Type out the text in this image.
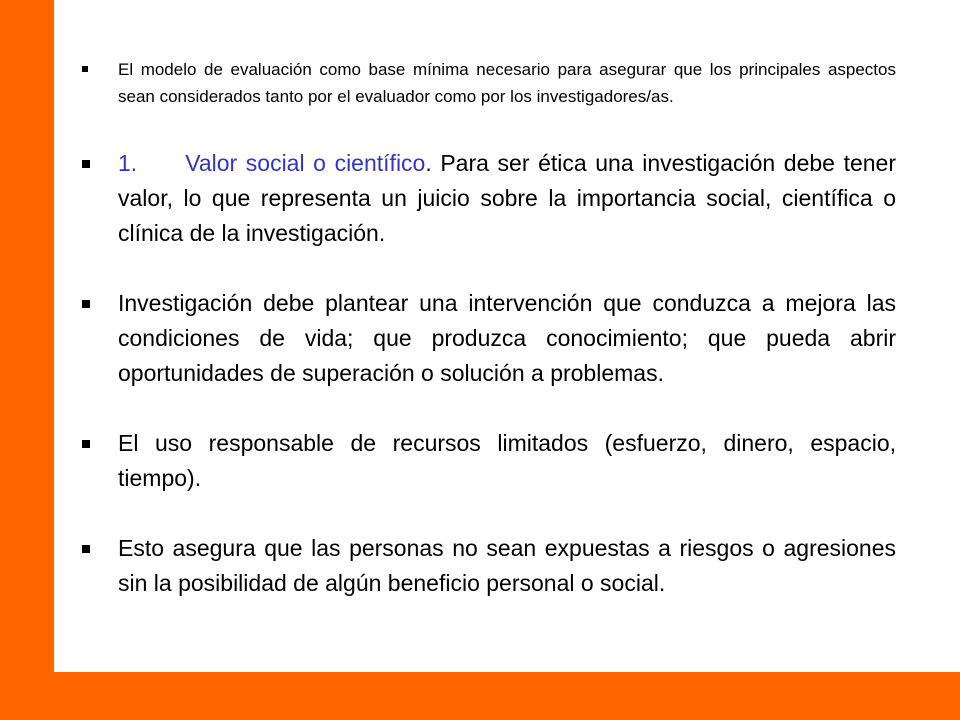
El modelo de evaluación como base mínima necesario para asegurar que los principales aspectos sean considerados tanto por el evaluador como por los investigadores/as.
1. Valor social o científico. Para ser ética una investigación debe tener valor, lo que representa un juicio sobre la importancia social, científica o clínica de la investigación.
Investigación debe plantear una intervención que conduzca a mejora las condiciones de vida; que produzca conocimiento; que pueda abrir oportunidades de superación o solución a problemas.
El uso responsable de recursos limitados (esfuerzo, dinero, espacio, tiempo).
Esto asegura que las personas no sean expuestas a riesgos o agresiones sin la posibilidad de algún beneficio personal o social.
